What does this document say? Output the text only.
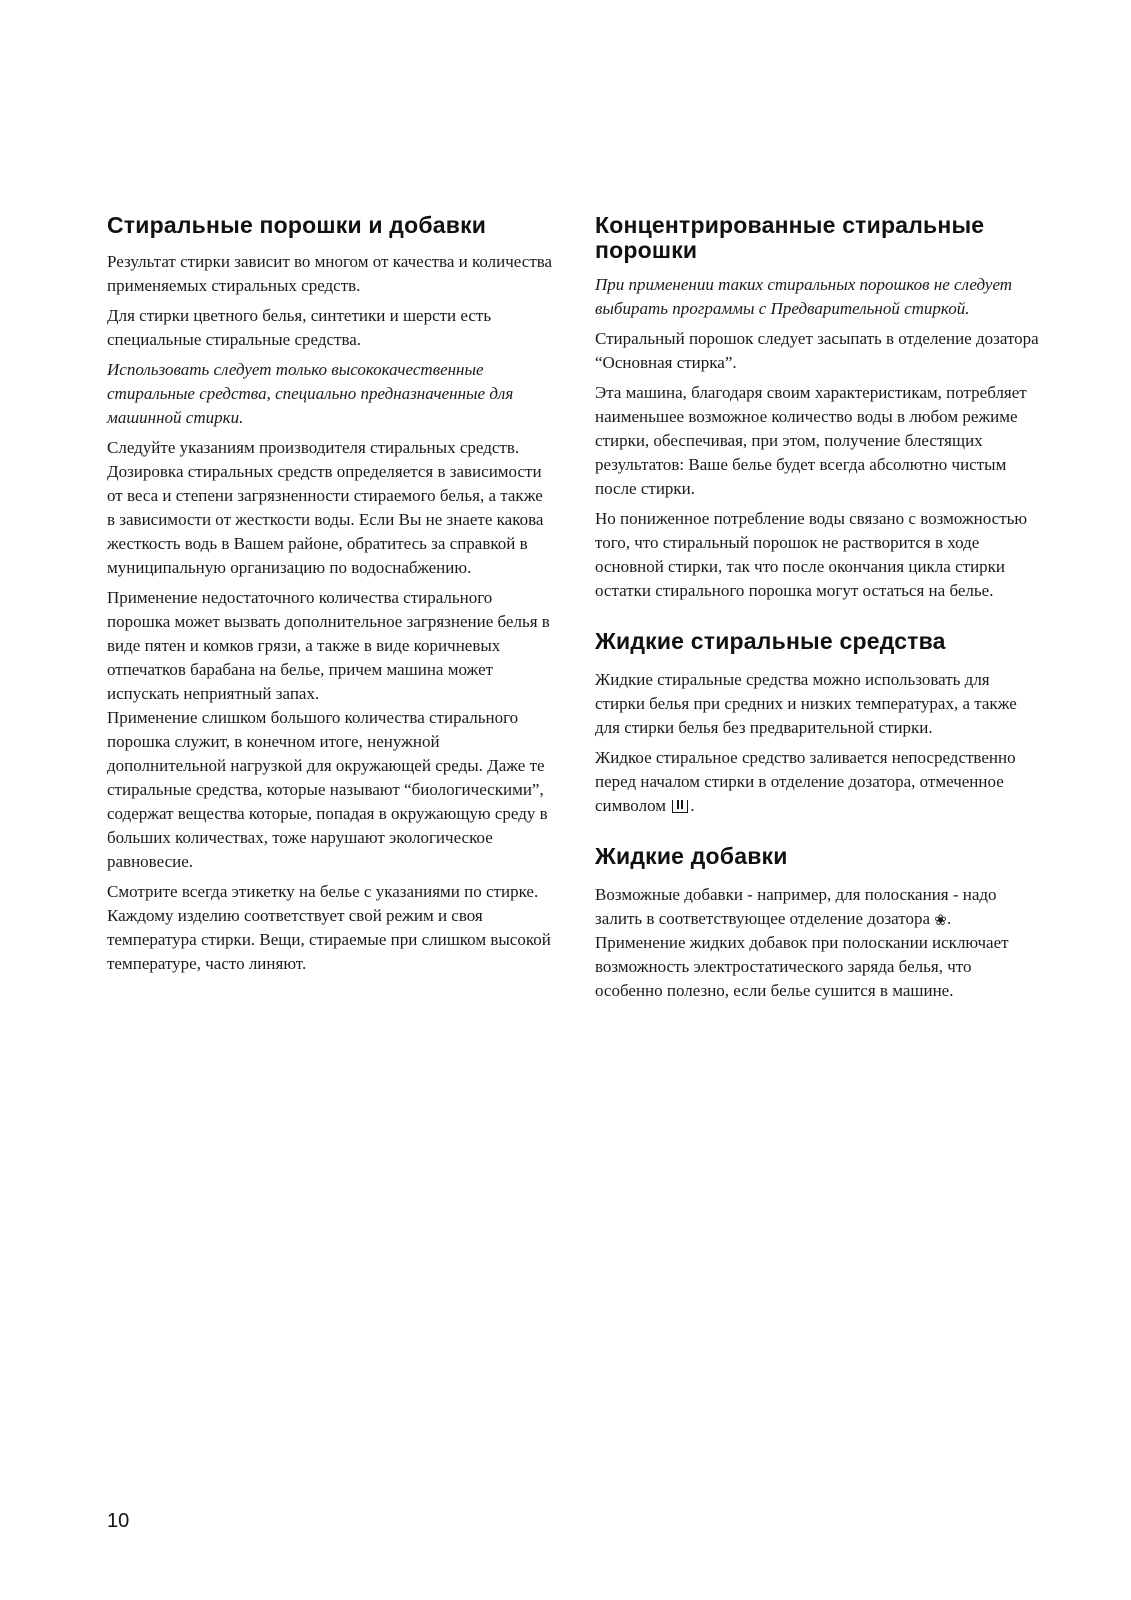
Стиральные порошки и добавки

Результат стирки зависит во многом от качества и количества применяемых стиральных средств.

Для стирки цветного белья, синтетики и шерсти есть специальные стиральные средства.

Использовать следует только высококачественные стиральные средства, специально предназначенные для машинной стирки.

Следуйте указаниям производителя стиральных средств. Дозировка стиральных средств определяется в зависимости от веса и степени загрязненности стираемого белья, а также в зависимости от жесткости воды. Если Вы не знаете какова жесткость водь в Вашем районе, обратитесь за справкой в муниципальную организацию по водоснабжению.

Применение недостаточного количества стирального порошка может вызвать дополнительное загрязнение белья в виде пятен и комков грязи, а также в виде коричневых отпечатков барабана на белье, причем машина может испускать неприятный запах.

Применение слишком большого количества стирального порошка служит, в конечном итоге, ненужной дополнительной нагрузкой для окружающей среды. Даже те стиральные средства, которые называют “биологическими”, содержат вещества которые, попадая в окружающую среду в больших количествах, тоже нарушают экологическое равновесие.

Смотрите всегда этикетку на белье с указаниями по стирке. Каждому изделию соответствует свой режим и своя температура стирки. Вещи, стираемые при слишком высокой температуре, часто линяют.

Концентрированные стиральные порошки

При применении таких стиральных порошков не следует выбирать программы с Предварительной стиркой.

Стиральный порошок следует засыпать в отделение дозатора “Основная стирка”.

Эта машина, благодаря своим характеристикам, потребляет наименьшее возможное количество воды в любом режиме стирки, обеспечивая, при этом, получение блестящих результатов: Ваше белье будет всегда абсолютно чистым после стирки.

Но пониженное потребление воды связано с возможностью того, что стиральный порошок не растворится в ходе основной стирки, так что после окончания цикла стирки остатки стирального порошка могут остаться на белье.

Жидкие стиральные средства

Жидкие стиральные средства можно использовать для стирки белья при средних и низких температурах, а также для стирки белья без предварительной стирки.

Жидкое стиральное средство заливается непосредственно перед началом стирки в отделение дозатора, отмеченное символом .

Жидкие добавки

Возможные добавки - например, для полоскания - надо залить в соответствующее отделение дозатора ❀. Применение жидких добавок при полоскании исключает возможность электростатического заряда белья, что особенно полезно, если белье сушится в машине.

10
